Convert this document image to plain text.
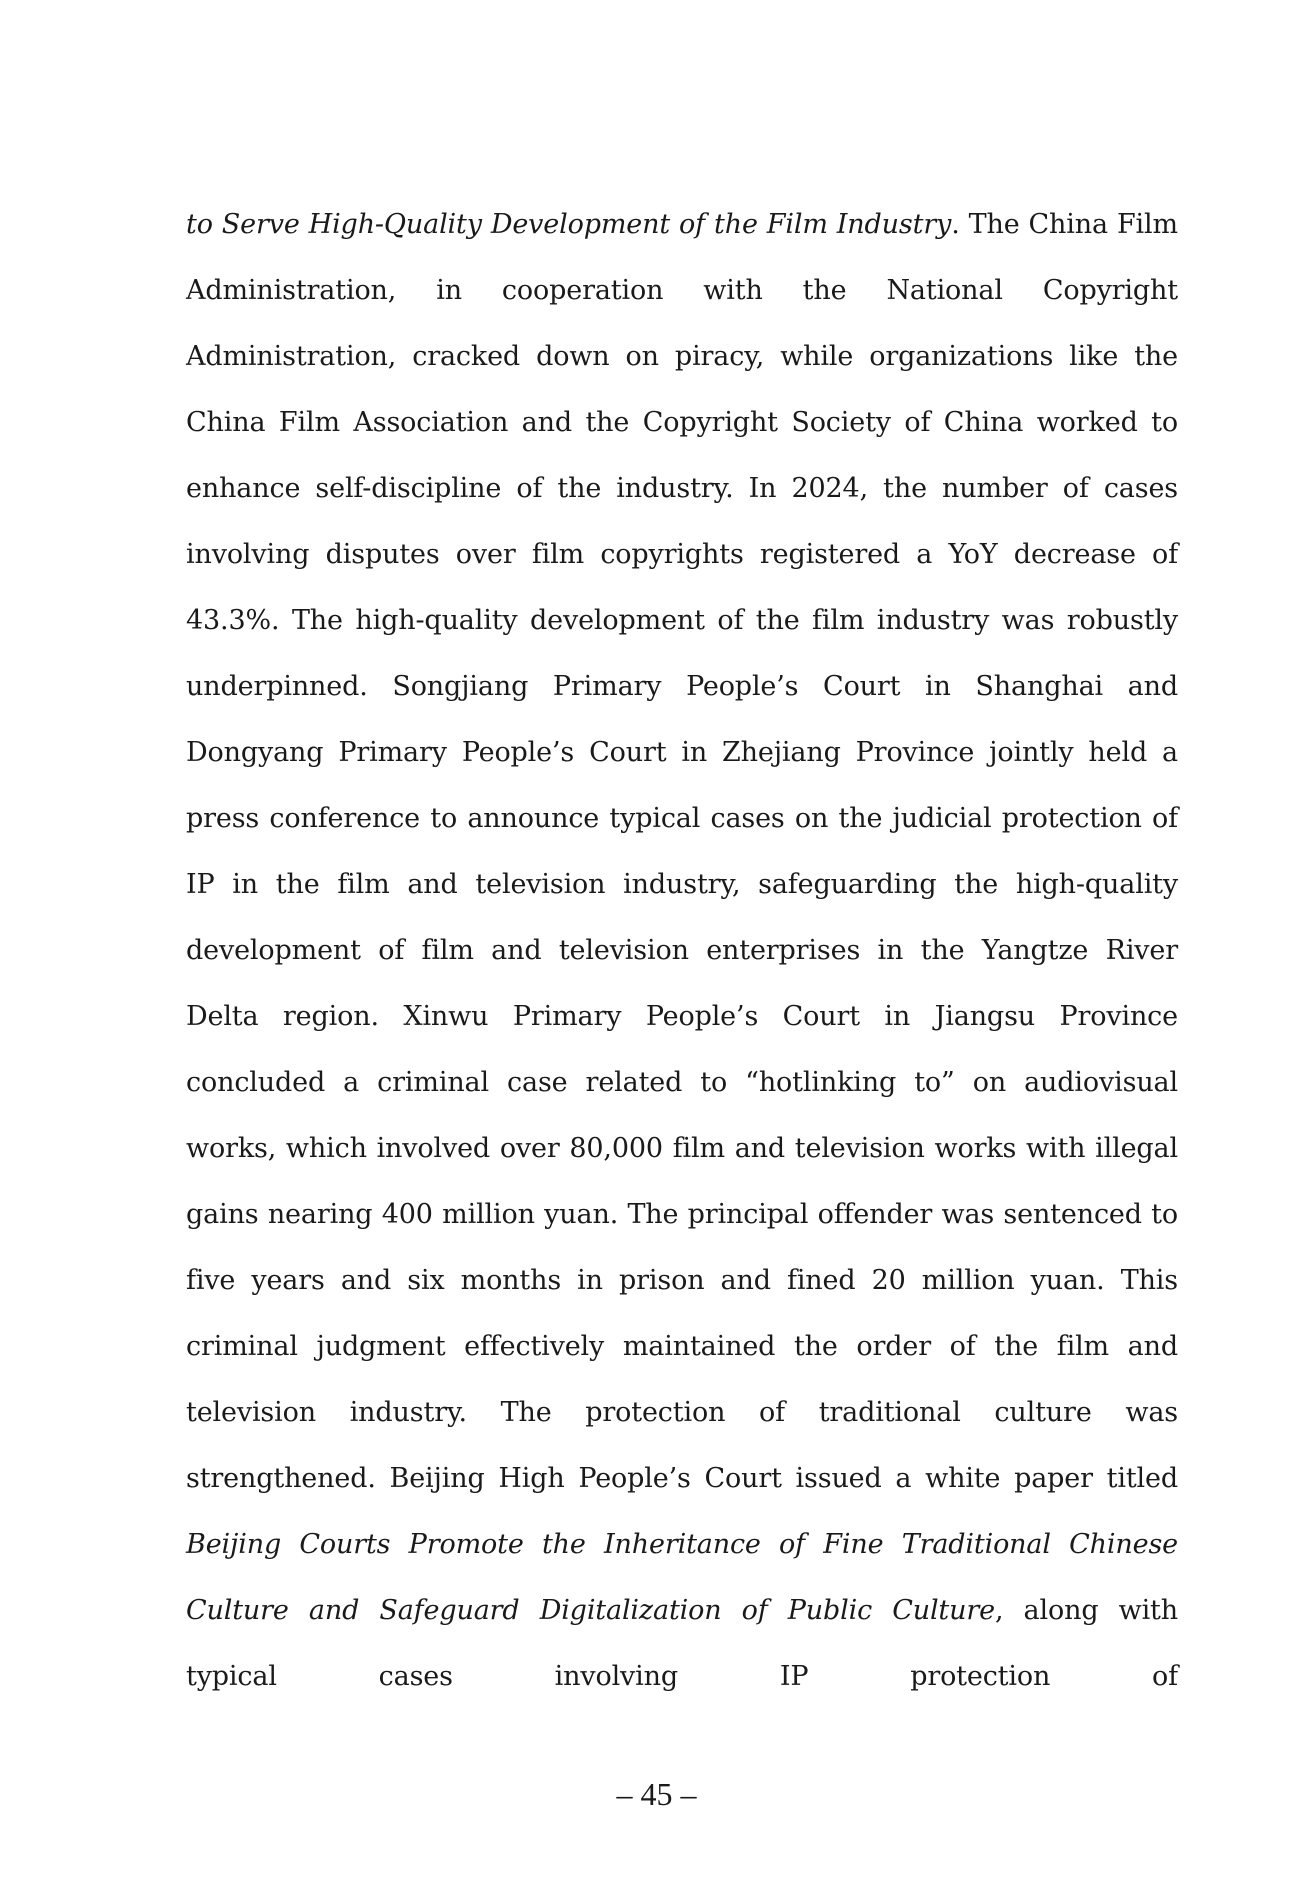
to Serve High-Quality Development of the Film Industry. The China Film Administration, in cooperation with the National Copyright Administration, cracked down on piracy, while organizations like the China Film Association and the Copyright Society of China worked to enhance self-discipline of the industry. In 2024, the number of cases involving disputes over film copyrights registered a YoY decrease of 43.3%. The high-quality development of the film industry was robustly underpinned. Songjiang Primary People’s Court in Shanghai and Dongyang Primary People’s Court in Zhejiang Province jointly held a press conference to announce typical cases on the judicial protection of IP in the film and television industry, safeguarding the high-quality development of film and television enterprises in the Yangtze River Delta region. Xinwu Primary People’s Court in Jiangsu Province concluded a criminal case related to “hotlinking to” on audiovisual works, which involved over 80,000 film and television works with illegal gains nearing 400 million yuan. The principal offender was sentenced to five years and six months in prison and fined 20 million yuan. This criminal judgment effectively maintained the order of the film and television industry. The protection of traditional culture was strengthened. Beijing High People’s Court issued a white paper titled Beijing Courts Promote the Inheritance of Fine Traditional Chinese Culture and Safeguard Digitalization of Public Culture, along with typical cases involving IP protection of

– 45 –
